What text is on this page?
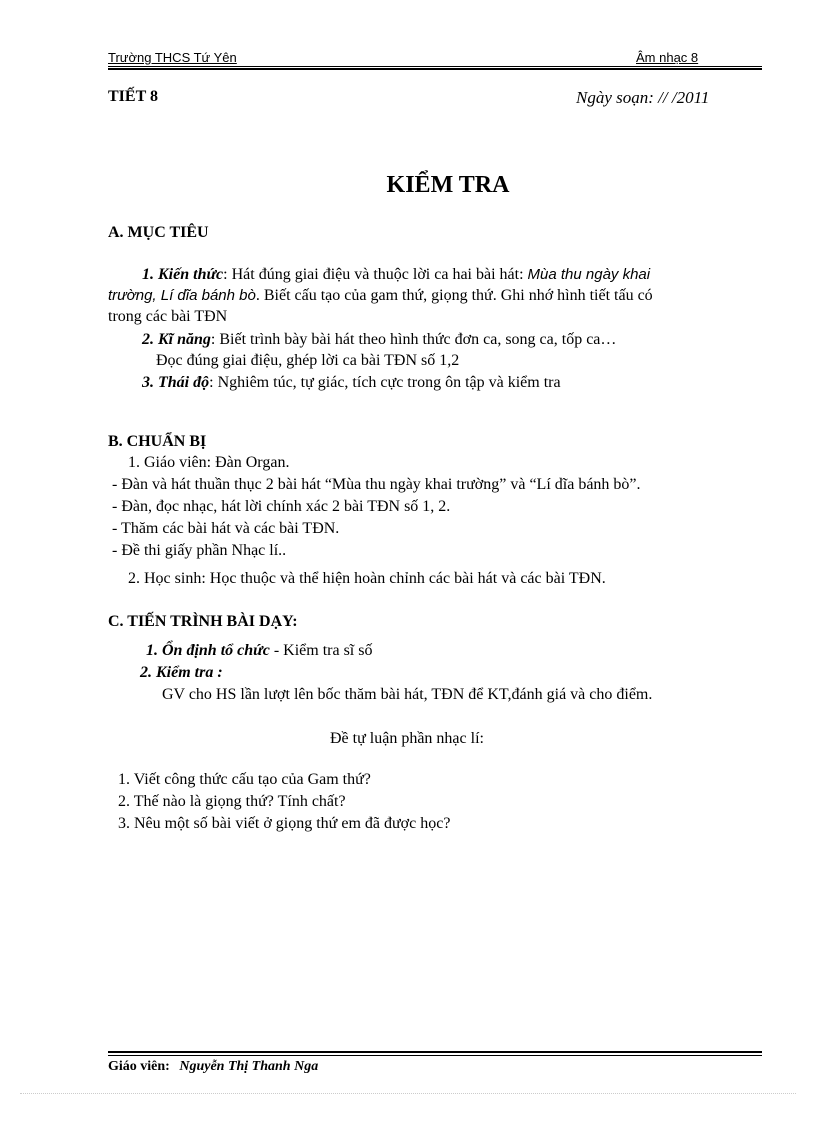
Trường THCS Tứ Yên	Âm nhạc 8
TIẾT 8	Ngày soạn: // /2011
KIỂM TRA
A. MỤC TIÊU
1. Kiến thức: Hát đúng giai điệu và thuộc lời ca hai bài hát: Mùa thu ngày khai
trường, Lí dĩa bánh bò. Biết cấu tạo của gam thứ, giọng thứ. Ghi nhớ hình tiết tấu có
trong các bài TĐN
2. Kĩ năng: Biết trình bày bài hát theo hình thức đơn ca, song ca, tốp ca…
Đọc đúng giai điệu, ghép lời ca bài TĐN số 1,2
3. Thái độ: Nghiêm túc, tự giác, tích cực trong ôn tập và kiểm tra
B. CHUẨN BỊ
1. Giáo viên: Đàn Organ.
- Đàn và hát thuần thục 2 bài hát “Mùa thu ngày khai trường” và “Lí dĩa bánh bò”.
- Đàn, đọc nhạc, hát lời chính xác 2 bài TĐN số 1, 2.
- Thăm các bài hát và các bài TĐN.
- Đề thi giấy phần Nhạc lí..
2. Học sinh: Học thuộc và thể hiện hoàn chỉnh các bài hát và các bài TĐN.
C. TIẾN TRÌNH BÀI DẠY:
1. Ổn định tổ chức - Kiểm tra sĩ số
2. Kiểm tra :
GV cho HS lần lượt lên bốc thăm bài hát, TĐN để KT,đánh giá và cho điểm.
Đề tự luận phần nhạc lí:
1. Viết công thức cấu tạo của Gam thứ?
2. Thế nào là giọng thứ? Tính chất?
3. Nêu một số bài viết ở giọng thứ em đã được học?
Giáo viên: Nguyễn Thị Thanh Nga
